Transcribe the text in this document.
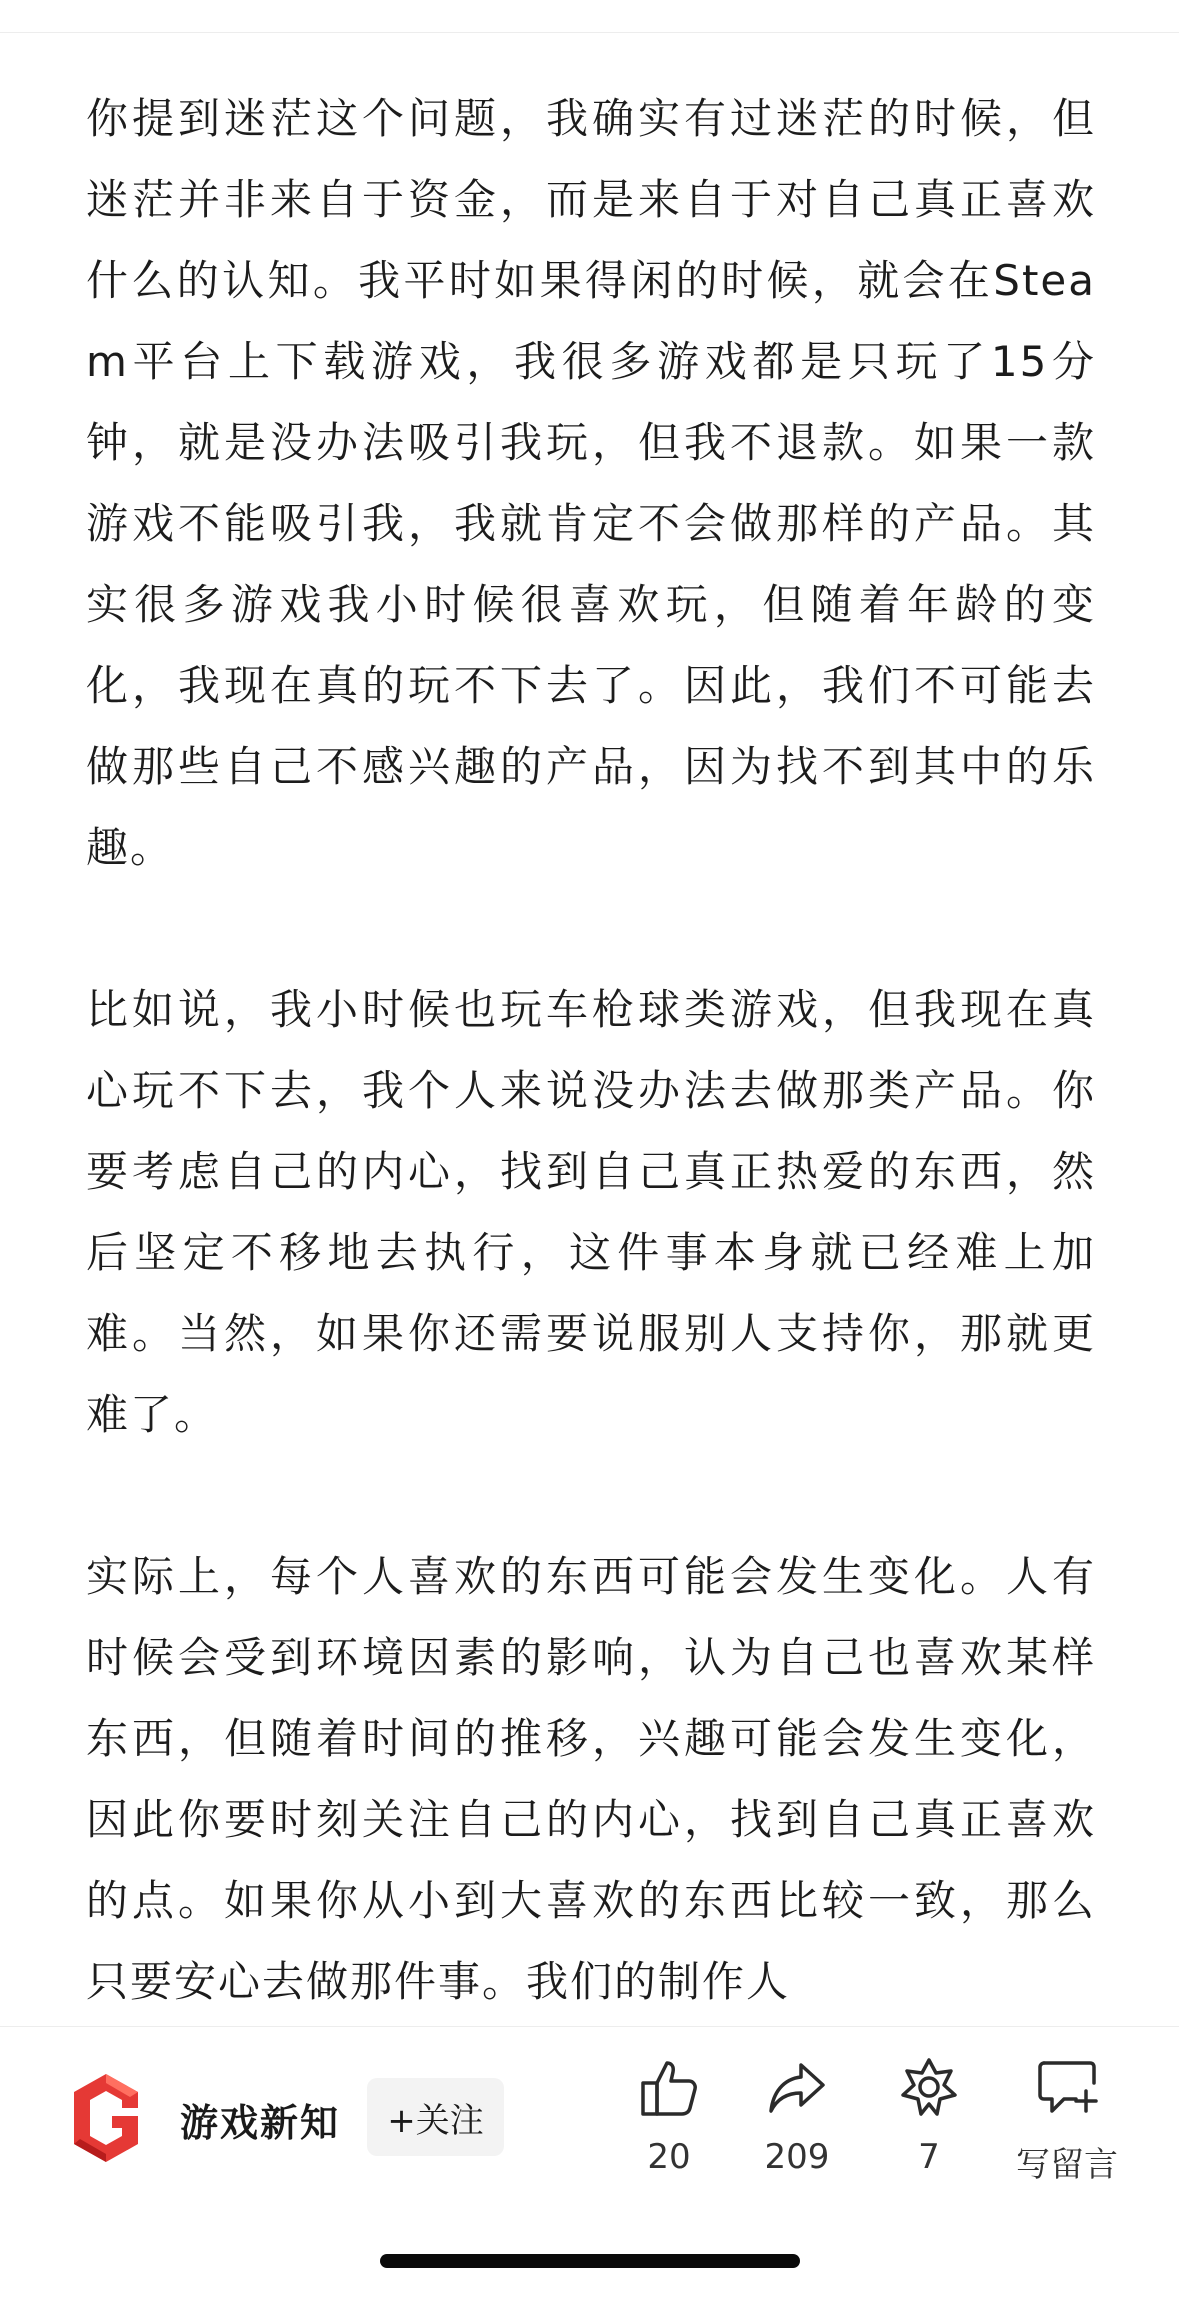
你提到迷茫这个问题，我确实有过迷茫的时候，但迷茫并非来自于资金，而是来自于对自己真正喜欢什么的认知。我平时如果得闲的时候，就会在Steam平台上下载游戏，我很多游戏都是只玩了15分钟，就是没办法吸引我玩，但我不退款。如果一款游戏不能吸引我，我就肯定不会做那样的产品。其实很多游戏我小时候很喜欢玩，但随着年龄的变化，我现在真的玩不下去了。因此，我们不可能去做那些自己不感兴趣的产品，因为找不到其中的乐趣。

比如说，我小时候也玩车枪球类游戏，但我现在真心玩不下去，我个人来说没办法去做那类产品。你要考虑自己的内心，找到自己真正热爱的东西，然后坚定不移地去执行，这件事本身就已经难上加难。当然，如果你还需要说服别人支持你，那就更难了。

实际上，每个人喜欢的东西可能会发生变化。人有时候会受到环境因素的影响，认为自己也喜欢某样东西，但随着时间的推移，兴趣可能会发生变化，因此你要时刻关注自己的内心，找到自己真正喜欢的点。如果你从小到大喜欢的东西比较一致，那么只要安心去做那件事。我们的制作人

游戏新知	+关注
20	209	7	写留言
